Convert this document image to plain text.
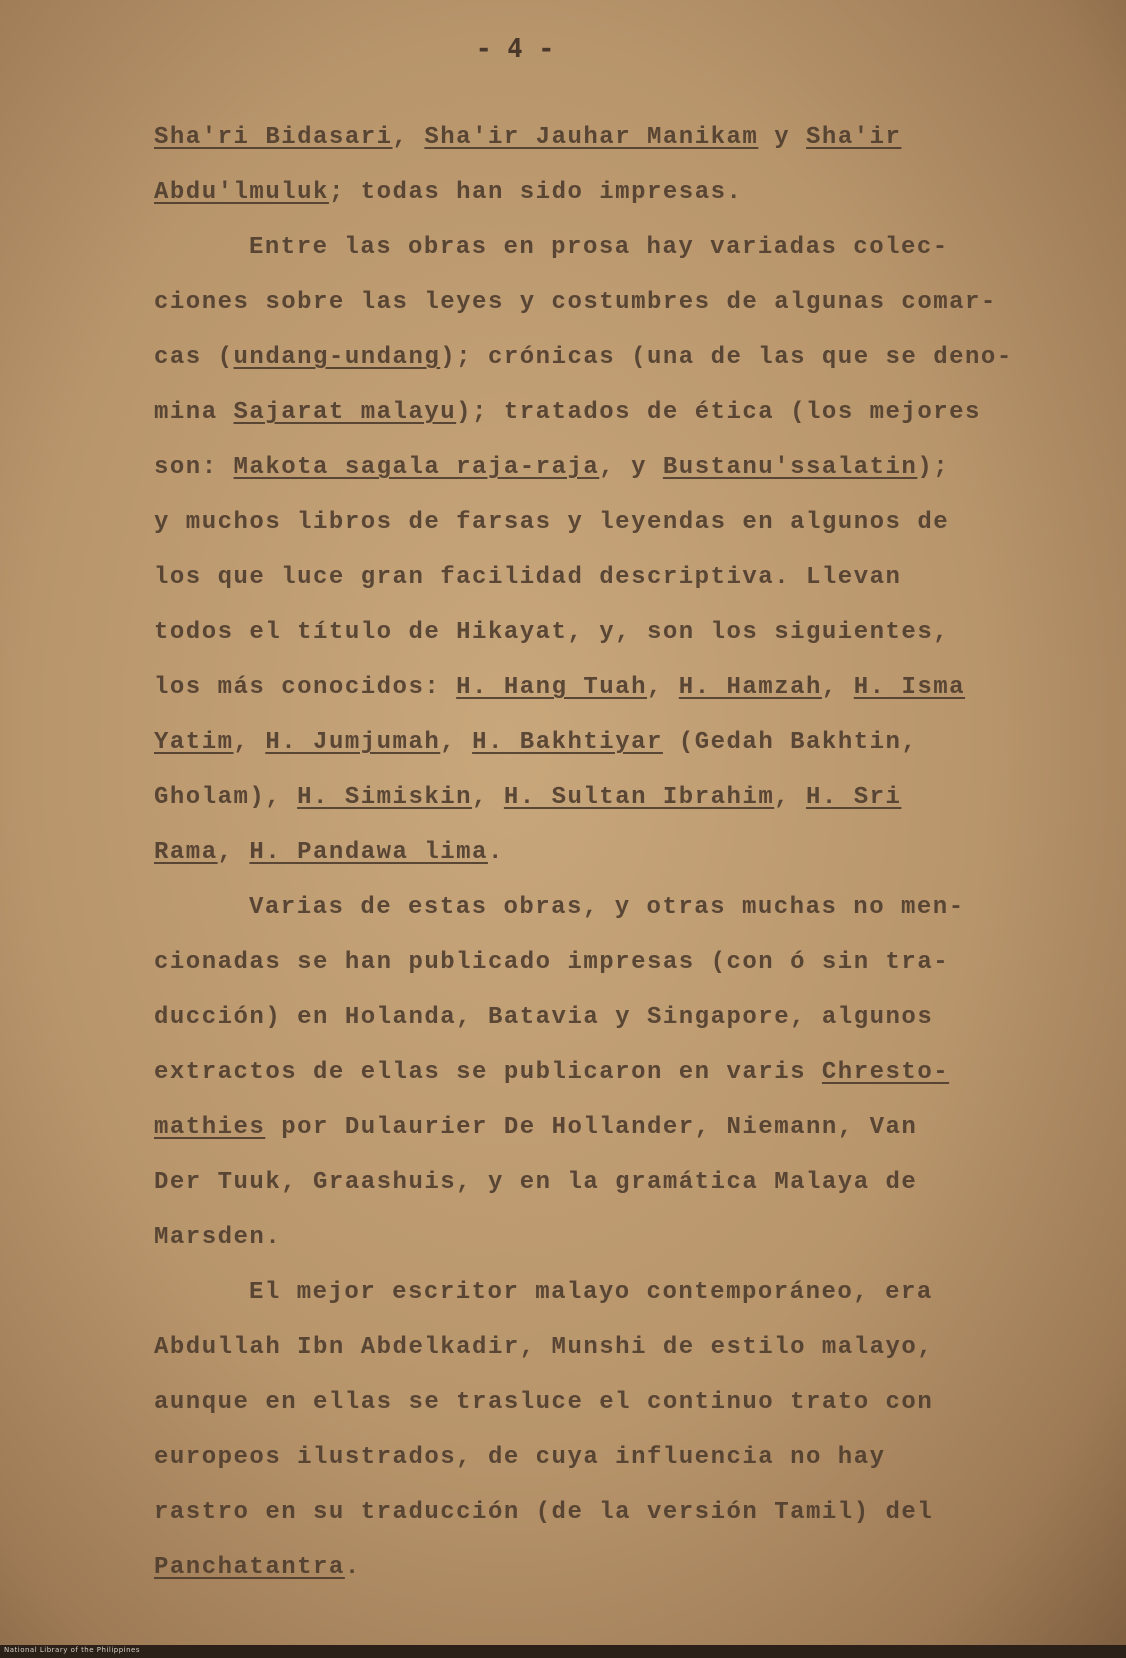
- 4 -
Sha'ri Bidasari, Sha'ir Jauhar Manikam y Sha'ir
Abdu'lmuluk; todas han sido impresas.
Entre las obras en prosa hay variadas colec-
ciones sobre las leyes y costumbres de algunas comar-
cas (undang-undang); crónicas (una de las que se deno-
mina Sajarat malayu); tratados de ética (los mejores
son: Makota sagala raja-raja, y Bustanu'ssalatin);
y muchos libros de farsas y leyendas en algunos de
los que luce gran facilidad descriptiva. Llevan
todos el título de Hikayat, y, son los siguientes,
los más conocidos: H. Hang Tuah, H. Hamzah, H. Isma
Yatim, H. Jumjumah, H. Bakhtiyar (Gedah Bakhtin,
Gholam), H. Simiskin, H. Sultan Ibrahim, H. Sri
Rama, H. Pandawa lima.
Varias de estas obras, y otras muchas no men-
cionadas se han publicado impresas (con ó sin tra-
ducción) en Holanda, Batavia y Singapore, algunos
extractos de ellas se publicaron en varis Chresto-
mathies por Dulaurier De Hollander, Niemann, Van
Der Tuuk, Graashuis, y en la gramática Malaya de
Marsden.
El mejor escritor malayo contemporáneo, era
Abdullah Ibn Abdelkadir, Munshi de estilo malayo,
aunque en ellas se trasluce el continuo trato con
europeos ilustrados, de cuya influencia no hay
rastro en su traducción (de la versión Tamil) del
Panchatantra.
National Library of the Philippines
